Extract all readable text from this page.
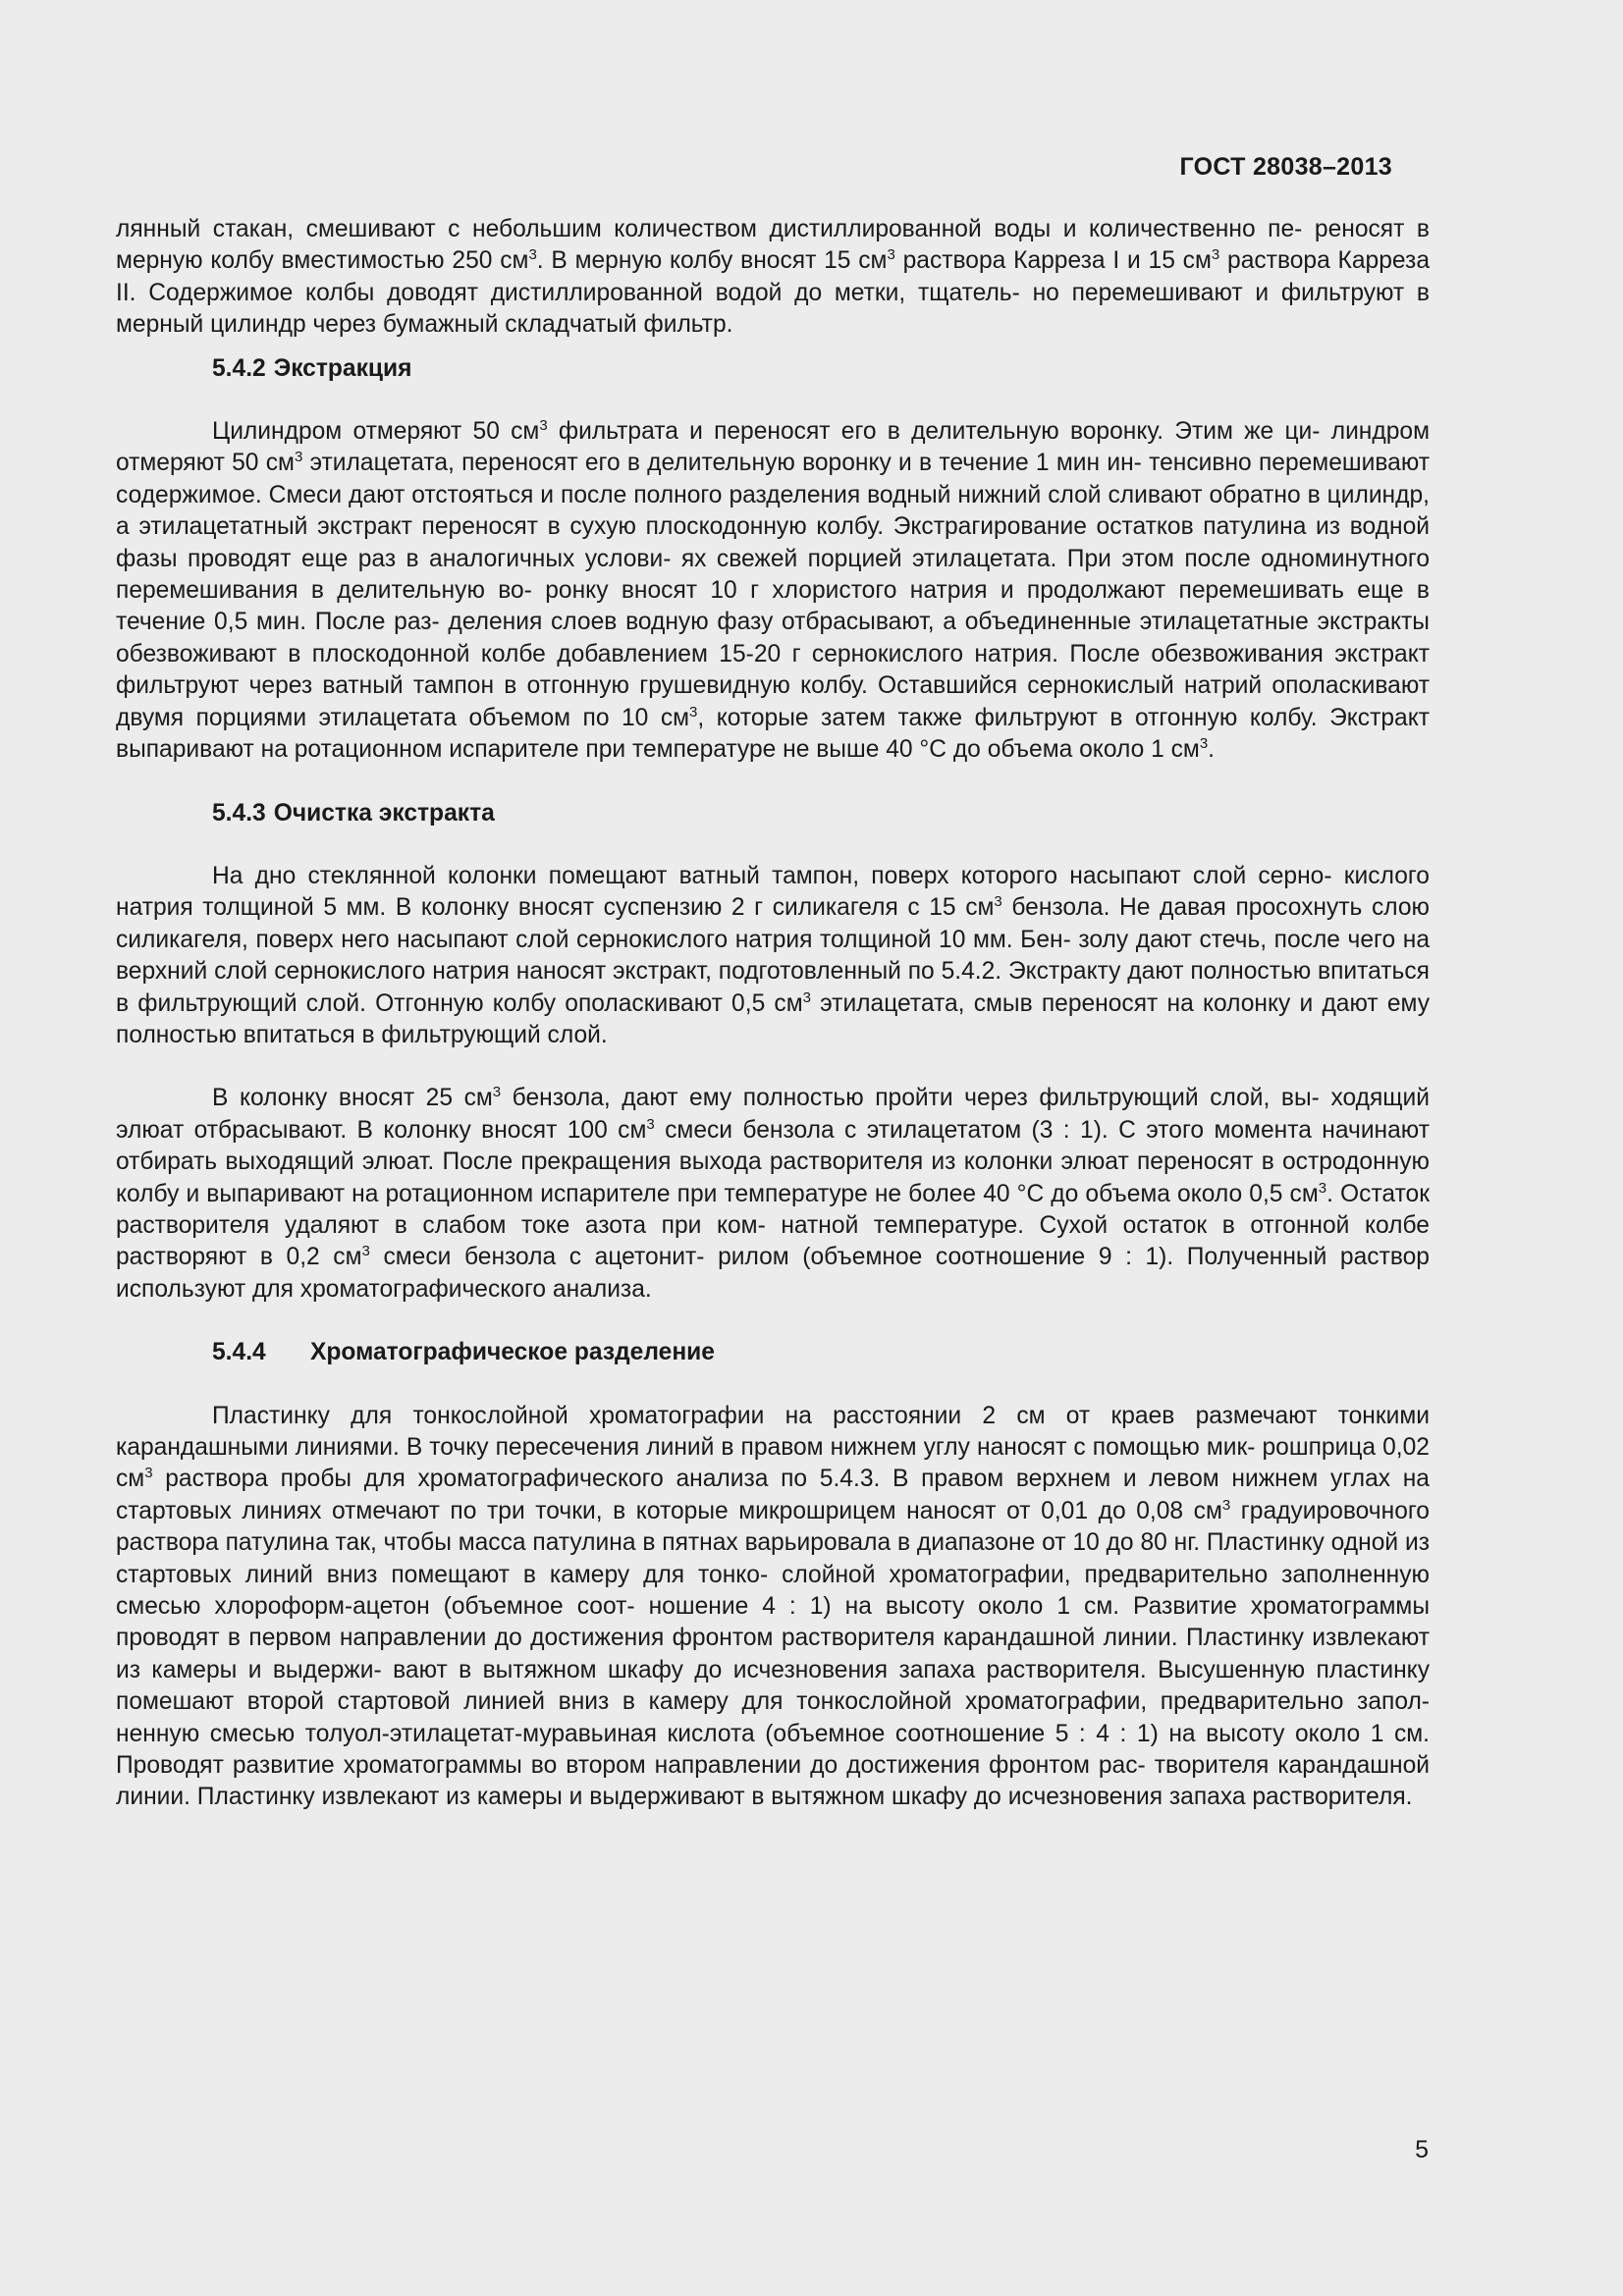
ГОСТ 28038–2013

лянный стакан, смешивают с небольшим количеством дистиллированной воды и количественно пе- реносят в мерную колбу вместимостью 250 $см^3$. В мерную колбу вносят 15 $см^3$ раствора Карреза I и 15 $см^3$ раствора Карреза II. Содержимое колбы доводят дистиллированной водой до метки, тщатель- но перемешивают и фильтруют в мерный цилиндр через бумажный складчатый фильтр.

5.4.2 Экстракция

Цилиндром отмеряют 50 $см^3$ фильтрата и переносят его в делительную воронку. Этим же ци- линдром отмеряют 50 $см^3$ этилацетата, переносят его в делительную воронку и в течение 1 мин ин- тенсивно перемешивают содержимое. Смеси дают отстояться и после полного разделения водный нижний слой сливают обратно в цилиндр, а этилацетатный экстракт переносят в сухую плоскодонную колбу. Экстрагирование остатков патулина из водной фазы проводят еще раз в аналогичных услови- ях свежей порцией этилацетата. При этом после одноминутного перемешивания в делительную во- ронку вносят 10 г хлористого натрия и продолжают перемешивать еще в течение 0,5 мин. После раз- деления слоев водную фазу отбрасывают, а объединенные этилацетатные экстракты обезвоживают в плоскодонной колбе добавлением 15-20 г сернокислого натрия. После обезвоживания экстракт фильтруют через ватный тампон в отгонную грушевидную колбу. Оставшийся сернокислый натрий ополаскивают двумя порциями этилацетата объемом по 10 $см^3$, которые затем также фильтруют в отгонную колбу. Экстракт выпаривают на ротационном испарителе при температуре не выше 40 °С до объема около 1 $см^3$.

5.4.3 Очистка экстракта

На дно стеклянной колонки помещают ватный тампон, поверх которого насыпают слой серно- кислого натрия толщиной 5 мм. В колонку вносят суспензию 2 г силикагеля с 15 $см^3$ бензола. Не давая просохнуть слою силикагеля, поверх него насыпают слой сернокислого натрия толщиной 10 мм. Бен- золу дают стечь, после чего на верхний слой сернокислого натрия наносят экстракт, подготовленный по 5.4.2. Экстракту дают полностью впитаться в фильтрующий слой. Отгонную колбу ополаскивают 0,5 $см^3$ этилацетата, смыв переносят на колонку и дают ему полностью впитаться в фильтрующий слой.

В колонку вносят 25 $см^3$ бензола, дают ему полностью пройти через фильтрующий слой, вы- ходящий элюат отбрасывают. В колонку вносят 100 $см^3$ смеси бензола с этилацетатом (3 : 1). С этого момента начинают отбирать выходящий элюат. После прекращения выхода растворителя из колонки элюат переносят в остродонную колбу и выпаривают на ротационном испарителе при температуре не более 40 °С до объема около 0,5 $см^3$. Остаток растворителя удаляют в слабом токе азота при ком- натной температуре. Сухой остаток в отгонной колбе растворяют в 0,2 $см^3$ смеси бензола с ацетонит- рилом (объемное соотношение 9 : 1). Полученный раствор используют для хроматографического анализа.

5.4.4 Хроматографическое разделение

Пластинку для тонкослойной хроматографии на расстоянии 2 см от краев размечают тонкими карандашными линиями. В точку пересечения линий в правом нижнем углу наносят с помощью мик- рошприца 0,02 $см^3$ раствора пробы для хроматографического анализа по 5.4.3. В правом верхнем и левом нижнем углах на стартовых линиях отмечают по три точки, в которые микрошрицем наносят от 0,01 до 0,08 $см^3$ градуировочного раствора патулина так, чтобы масса патулина в пятнах варьировала в диапазоне от 10 до 80 нг. Пластинку одной из стартовых линий вниз помещают в камеру для тонко- слойной хроматографии, предварительно заполненную смесью хлороформ-ацетон (объемное соот- ношение 4 : 1) на высоту около 1 см. Развитие хроматограммы проводят в первом направлении до достижения фронтом растворителя карандашной линии. Пластинку извлекают из камеры и выдержи- вают в вытяжном шкафу до исчезновения запаха растворителя. Высушенную пластинку помешают второй стартовой линией вниз в камеру для тонкослойной хроматографии, предварительно запол- ненную смесью толуол-этилацетат-муравьиная кислота (объемное соотношение 5 : 4 : 1) на высоту около 1 см. Проводят развитие хроматограммы во втором направлении до достижения фронтом рас- творителя карандашной линии. Пластинку извлекают из камеры и выдерживают в вытяжном шкафу до исчезновения запаха растворителя.

5
